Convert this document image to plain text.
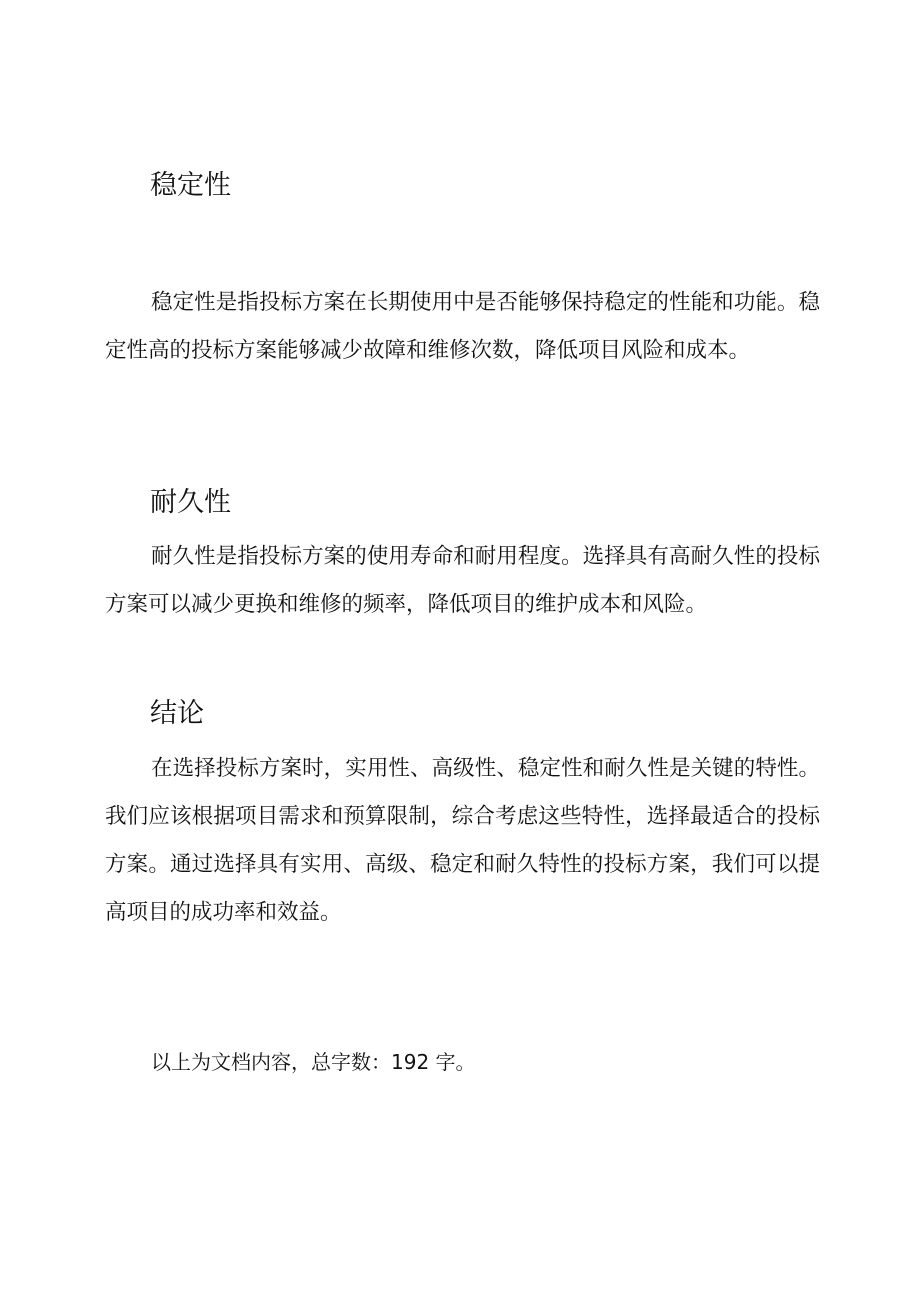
稳定性

稳定性是指投标方案在长期使用中是否能够保持稳定的性能和功能。稳定性高的投标方案能够减少故障和维修次数，降低项目风险和成本。

耐久性

耐久性是指投标方案的使用寿命和耐用程度。选择具有高耐久性的投标方案可以减少更换和维修的频率，降低项目的维护成本和风险。

结论

在选择投标方案时，实用性、高级性、稳定性和耐久性是关键的特性。我们应该根据项目需求和预算限制，综合考虑这些特性，选择最适合的投标方案。通过选择具有实用、高级、稳定和耐久特性的投标方案，我们可以提高项目的成功率和效益。

以上为文档内容，总字数：192 字。
